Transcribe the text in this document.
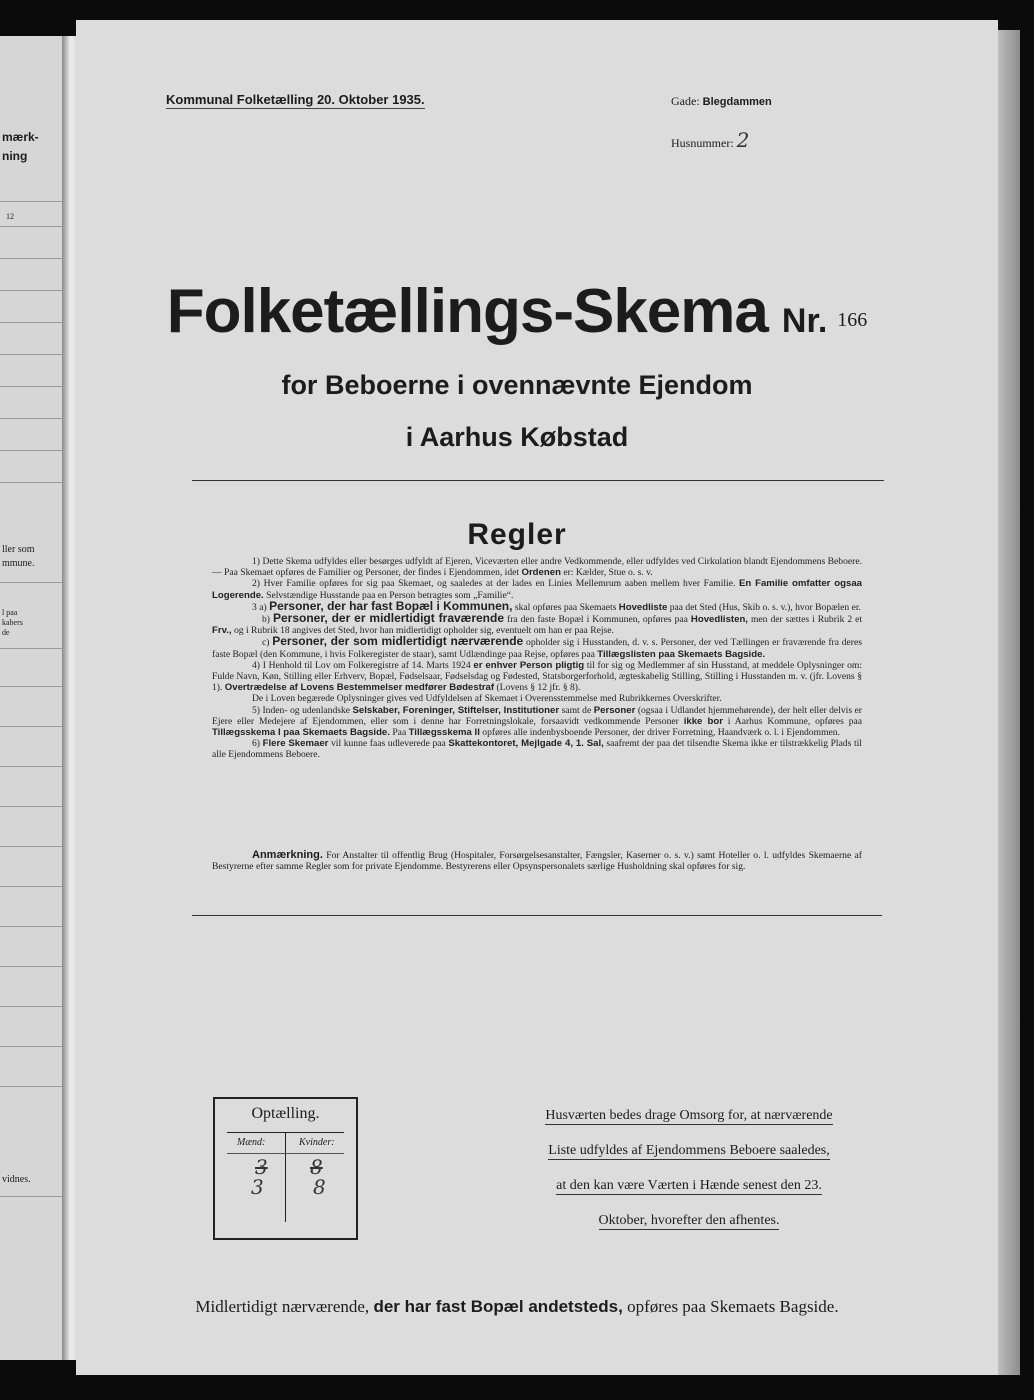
mærk-
ning
12
ller som
mmune.
l paa
kabers
de
vidnes.
Kommunal Folketælling 20. Oktober 1935.	Gade: Blegdammen
Husnummer: 2
Folketællings-Skema Nr. 166
for Beboerne i ovennævnte Ejendom
i Aarhus Købstad
Regler

1) Dette Skema udfyldes eller besørges udfyldt af Ejeren, Viceværten eller andre Vedkommende, eller udfyldes ved Cirkulation blandt Ejendommens Beboere. — Paa Skemaet opføres de Familier og Personer, der findes i Ejendommen, idet Ordenen er: Kælder, Stue o. s. v.

2) Hver Familie opføres for sig paa Skemaet, og saaledes at der lades en Linies Mellemrum aaben mellem hver Familie. En Familie omfatter ogsaa Logerende. Selvstændige Husstande paa en Person betragtes som „Familie“.

3 a) Personer, der har fast Bopæl i Kommunen, skal opføres paa Skemaets Hovedliste paa det Sted (Hus, Skib o. s. v.), hvor Bopælen er.

b) Personer, der er midlertidigt fraværende fra den faste Bopæl i Kommunen, opføres paa Hovedlisten, men der sættes i Rubrik 2 et Frv., og i Rubrik 18 angives det Sted, hvor han midlertidigt opholder sig, eventuelt om han er paa Rejse.

c) Personer, der som midlertidigt nærværende opholder sig i Husstanden, d. v. s. Personer, der ved Tællingen er fraværende fra deres faste Bopæl (den Kommune, i hvis Folkeregister de staar), samt Udlændinge paa Rejse, opføres paa Tillægslisten paa Skemaets Bagside.

4) I Henhold til Lov om Folkeregistre af 14. Marts 1924 er enhver Person pligtig til for sig og Medlemmer af sin Husstand, at meddele Oplysninger om: Fulde Navn, Køn, Stilling eller Erhverv, Bopæl, Fødselsaar, Fødselsdag og Fødested, Statsborgerforhold, ægteskabelig Stilling, Stilling i Husstanden m. v. (jfr. Lovens § 1). Overtrædelse af Lovens Bestemmelser medfører Bødestraf (Lovens § 12 jfr. § 8).

De i Loven begærede Oplysninger gives ved Udfyldelsen af Skemaet i Overensstemmelse med Rubrikkernes Overskrifter.

5) Inden- og udenlandske Selskaber, Foreninger, Stiftelser, Institutioner samt de Personer (ogsaa i Udlandet hjemmehørende), der helt eller delvis er Ejere eller Medejere af Ejendommen, eller som i denne har Forretningslokale, forsaavidt vedkommende Personer ikke bor i Aarhus Kommune, opføres paa Tillægsskema I paa Skemaets Bagside. Paa Tillægsskema II opføres alle indenbysboende Personer, der driver Forretning, Haandværk o. l. i Ejendommen.

6) Flere Skemaer vil kunne faas udleverede paa Skattekontoret, Mejlgade 4, 1. Sal, saafremt der paa det tilsendte Skema ikke er tilstrækkelig Plads til alle Ejendommens Beboere.

Anmærkning. For Anstalter til offentlig Brug (Hospitaler, Forsørgelsesanstalter, Fængsler, Kaserner o. s. v.) samt Hoteller o. l. udfyldes Skemaerne af Bestyrerne efter samme Regler som for private Ejendomme. Bestyrerens eller Opsynspersonalets særlige Husholdning skal opføres for sig.
Optælling.
Mænd:	Kvinder:
3 8
3 8
Husværten bedes drage Omsorg for, at nærværende
Liste udfyldes af Ejendommens Beboere saaledes,
at den kan være Værten i Hænde senest den 23.
Oktober, hvorefter den afhentes.
Midlertidigt nærværende, der har fast Bopæl andetsteds, opføres paa Skemaets Bagside.
